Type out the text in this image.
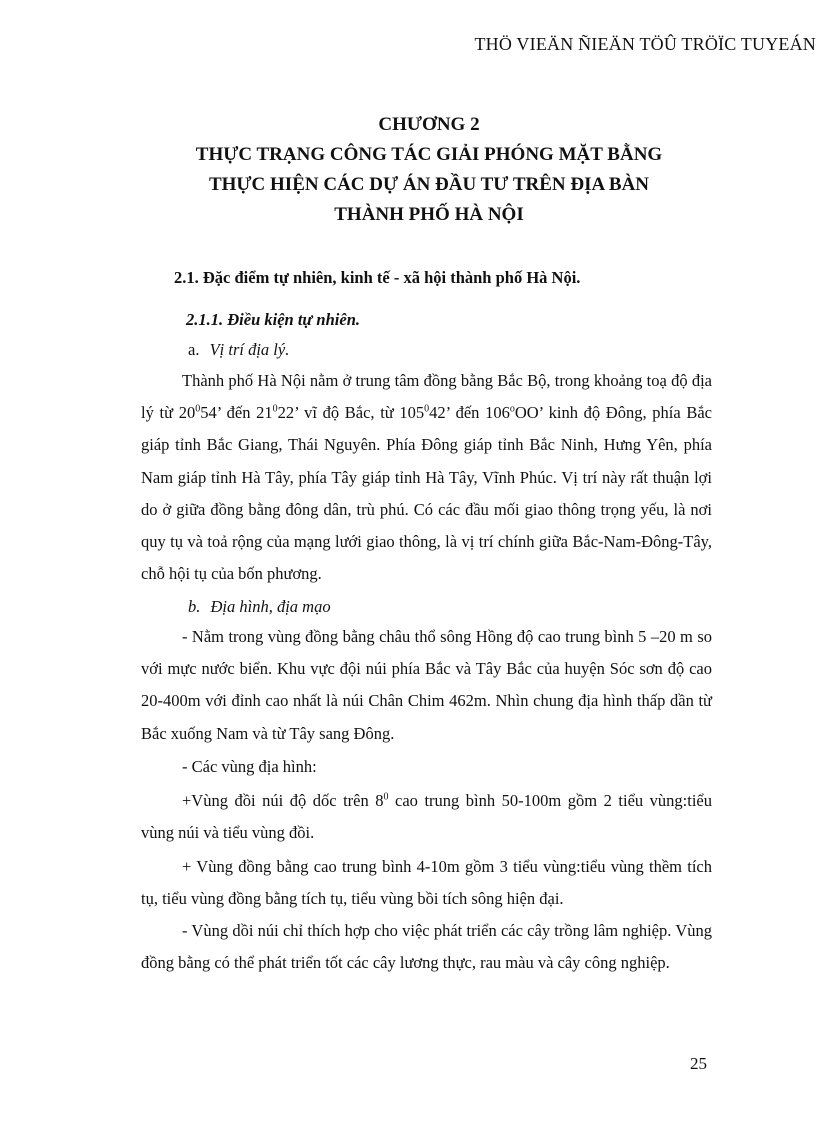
THÖ VIEÄN ÑIEÄN TÖÛ TRÖÏC TUYEÁN
CHƯƠNG 2
THỰC TRẠNG CÔNG TÁC GIẢI PHÓNG MẶT BẰNG
THỰC HIỆN CÁC DỰ ÁN ĐẦU TƯ TRÊN ĐỊA BÀN
THÀNH PHỐ HÀ NỘI
2.1. Đặc điểm tự nhiên, kinh tế - xã hội thành phố Hà Nội.
2.1.1. Điều kiện tự nhiên.
a. Vị trí địa lý.

Thành phố Hà Nội nằm ở trung tâm đồng bằng Bắc Bộ, trong khoảng toạ độ địa lý từ $20^054$’ đến $21^022$’ vĩ độ Bắc, từ $105^042$’ đến 106$^o$OO’ kinh độ Đông, phía Bắc giáp tỉnh Bắc Giang, Thái Nguyên. Phía Đông giáp tỉnh Bắc Ninh, Hưng Yên, phía Nam giáp tỉnh Hà Tây, phía Tây giáp tỉnh Hà Tây, Vĩnh Phúc. Vị trí này rất thuận lợi do ở giữa đồng bằng đông dân, trù phú. Có các đầu mối giao thông trọng yếu, là nơi quy tụ và toả rộng của mạng lưới giao thông, là vị trí chính giữa Bắc-Nam-Đông-Tây, chỗ hội tụ của bốn phương.

b. Địa hình, địa mạo

- Nằm trong vùng đồng bằng châu thổ sông Hồng độ cao trung bình 5 –20 m so với mực nước biển. Khu vực đội núi phía Bắc và Tây Bắc của huyện Sóc sơn độ cao 20-400m với đỉnh cao nhất là núi Chân Chim 462m. Nhìn chung địa hình thấp dần từ Bắc xuống Nam và từ Tây sang Đông.

- Các vùng địa hình:

+Vùng đồi núi độ dốc trên $8^0$ cao trung bình 50-100m gồm 2 tiểu vùng:tiểu vùng núi và tiểu vùng đồi.

+ Vùng đồng bằng cao trung bình 4-10m gồm 3 tiểu vùng:tiểu vùng thềm tích tụ, tiểu vùng đồng bằng tích tụ, tiểu vùng bồi tích sông hiện đại.

- Vùng dồi núi chỉ thích hợp cho việc phát triển các cây trồng lâm nghiệp. Vùng đồng bằng có thể phát triển tốt các cây lương thực, rau màu và cây công nghiệp.

25
